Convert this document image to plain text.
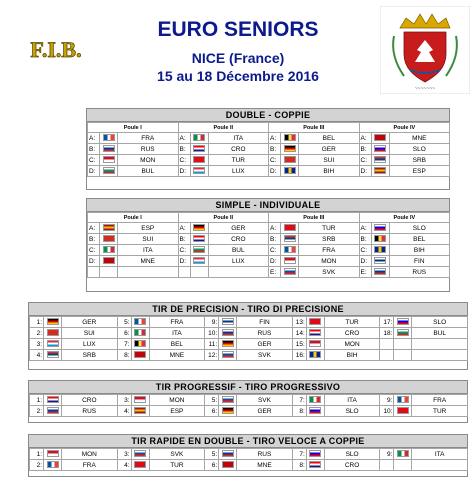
F.I.B.
EURO SENIORS
NICE (France)
15 au 18 Décembre 2016
~~~~~~~
DOUBLE - COPPIE
Poule I			Poule II			Poule III			Poule IV		
A:		FRA	A:		ITA	A:		BEL	A:		MNE
B:		RUS	B:		CRO	B:		GER	B:		SLO
C:		MON	C:		TUR	C:		SUI	C:		SRB
D:		BUL	D:		LUX	D:		BIH	D:		ESP
SIMPLE - INDIVIDUALE
Poule I			Poule II			Poule III			Poule IV		
A:		ESP	A:		GER	A:		TUR	A:		SLO
B:		SUI	B:		CRO	B:		SRB	B:		BEL
C:		ITA	C:		BUL	C:		FRA	C:		BIH
D:		MNE	D:		LUX	D:		MON	D:		FIN
						E:		SVK	E:		RUS
TIR DE PRECISION - TIRO DI PRECISIONE
1:		GER	5:		FRA	9:		FIN	13:		TUR	17:		SLO
2:		SUI	6:		ITA	10:		RUS	14:		CRO	18:		BUL
3:		LUX	7:		BEL	11:		GER	15:		MON			
4:		SRB	8:		MNE	12:		SVK	16:		BIH			
TIR PROGRESSIF - TIRO PROGRESSIVO
1:		CRO	3:		MON	5:		SVK	7:		ITA	9:		FRA
2:		RUS	4:		ESP	6:		GER	8:		SLO	10:		TUR
TIR RAPIDE EN DOUBLE - TIRO VELOCE A COPPIE
1:		MON	3:		SVK	5:		RUS	7:		SLO	9:		ITA
2:		FRA	4:		TUR	6:		MNE	8:		CRO			
